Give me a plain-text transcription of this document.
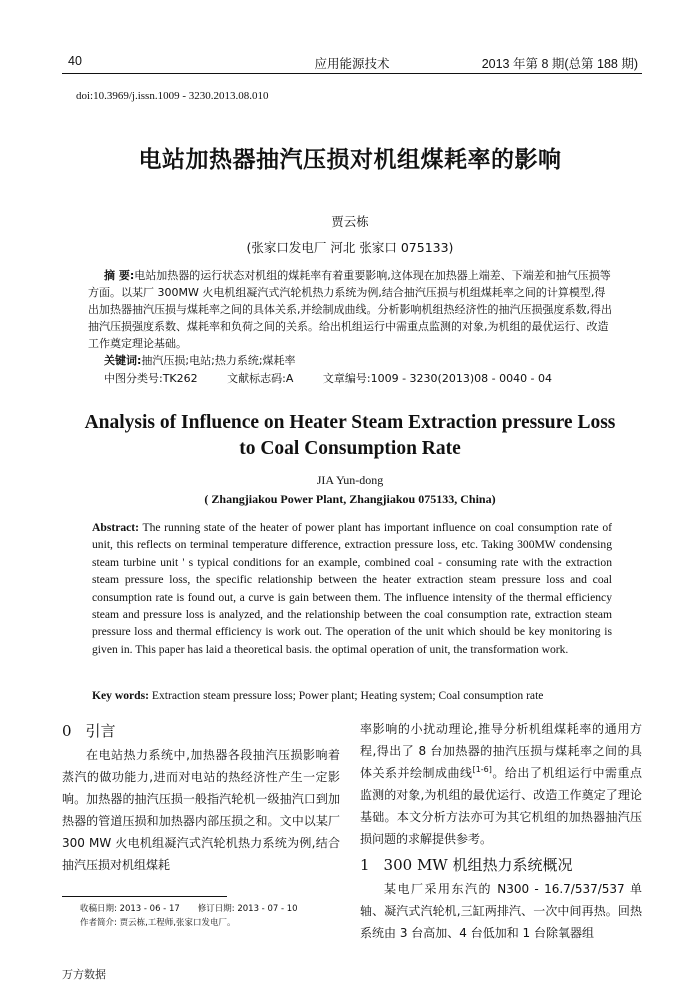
40	应用能源技术	2013 年第 8 期(总第 188 期)
doi:10.3969/j.issn.1009 - 3230.2013.08.010
电站加热器抽汽压损对机组煤耗率的影响
贾云栋
(张家口发电厂 河北 张家口 075133)
摘 要:电站加热器的运行状态对机组的煤耗率有着重要影响,这体现在加热器上端差、下端差和抽气压损等方面。以某厂 300MW 火电机组凝汽式汽轮机热力系统为例,结合抽汽压损与机组煤耗率之间的计算模型,得出加热器抽汽压损与煤耗率之间的具体关系,并绘制成曲线。分析影响机组热经济性的抽汽压损强度系数,得出抽汽压损强度系数、煤耗率和负荷之间的关系。给出机组运行中需重点监测的对象,为机组的最优运行、改造工作奠定理论基础。
关键词:抽汽压损;电站;热力系统;煤耗率
中图分类号:TK262	文献标志码:A	文章编号:1009 - 3230(2013)08 - 0040 - 04
Analysis of Influence on Heater Steam Extraction pressure Loss
to Coal Consumption Rate
JIA Yun-dong
( Zhangjiakou Power Plant, Zhangjiakou 075133, China)
Abstract: The running state of the heater of power plant has important influence on coal consumption rate of unit, this reflects on terminal temperature difference, extraction pressure loss, etc. Taking 300MW condensing steam turbine unit ' s typical conditions for an example, combined coal - consuming rate with the extraction steam pressure loss, the specific relationship between the heater extraction steam pressure loss and coal consumption rate is found out, a curve is gain between them. The influence intensity of the thermal efficiency steam and pressure loss is analyzed, and the relationship between the coal consumption rate, extraction steam pressure loss and thermal efficiency is work out. The operation of the unit which should be key monitoring is given in. This paper has laid a theoretical basis. the optimal operation of unit, the transformation work.
Key words: Extraction steam pressure loss; Power plant; Heating system; Coal consumption rate
0 引言
在电站热力系统中,加热器各段抽汽压损影响着蒸汽的做功能力,进而对电站的热经济性产生一定影响。加热器的抽汽压损一般指汽轮机一级抽汽口到加热器的管道压损和加热器内部压损之和。文中以某厂 300 MW 火电机组凝汽式汽轮机热力系统为例,结合抽汽压损对机组煤耗
率影响的小扰动理论,推导分析机组煤耗率的通用方程,得出了 8 台加热器的抽汽压损与煤耗率之间的具体关系并绘制成曲线[1-6]。给出了机组运行中需重点监测的对象,为机组的最优运行、改造工作奠定了理论基础。本文分析方法亦可为其它机组的加热器抽汽压损问题的求解提供参考。
1 300 MW 机组热力系统概况
某电厂采用东汽的 N300 - 16.7/537/537 单轴、凝汽式汽轮机,三缸两排汽、一次中间再热。回热系统由 3 台高加、4 台低加和 1 台除氧器组
收稿日期: 2013 - 06 - 17 修订日期: 2013 - 07 - 10
作者简介: 贾云栋,工程师,张家口发电厂。
万方数据
